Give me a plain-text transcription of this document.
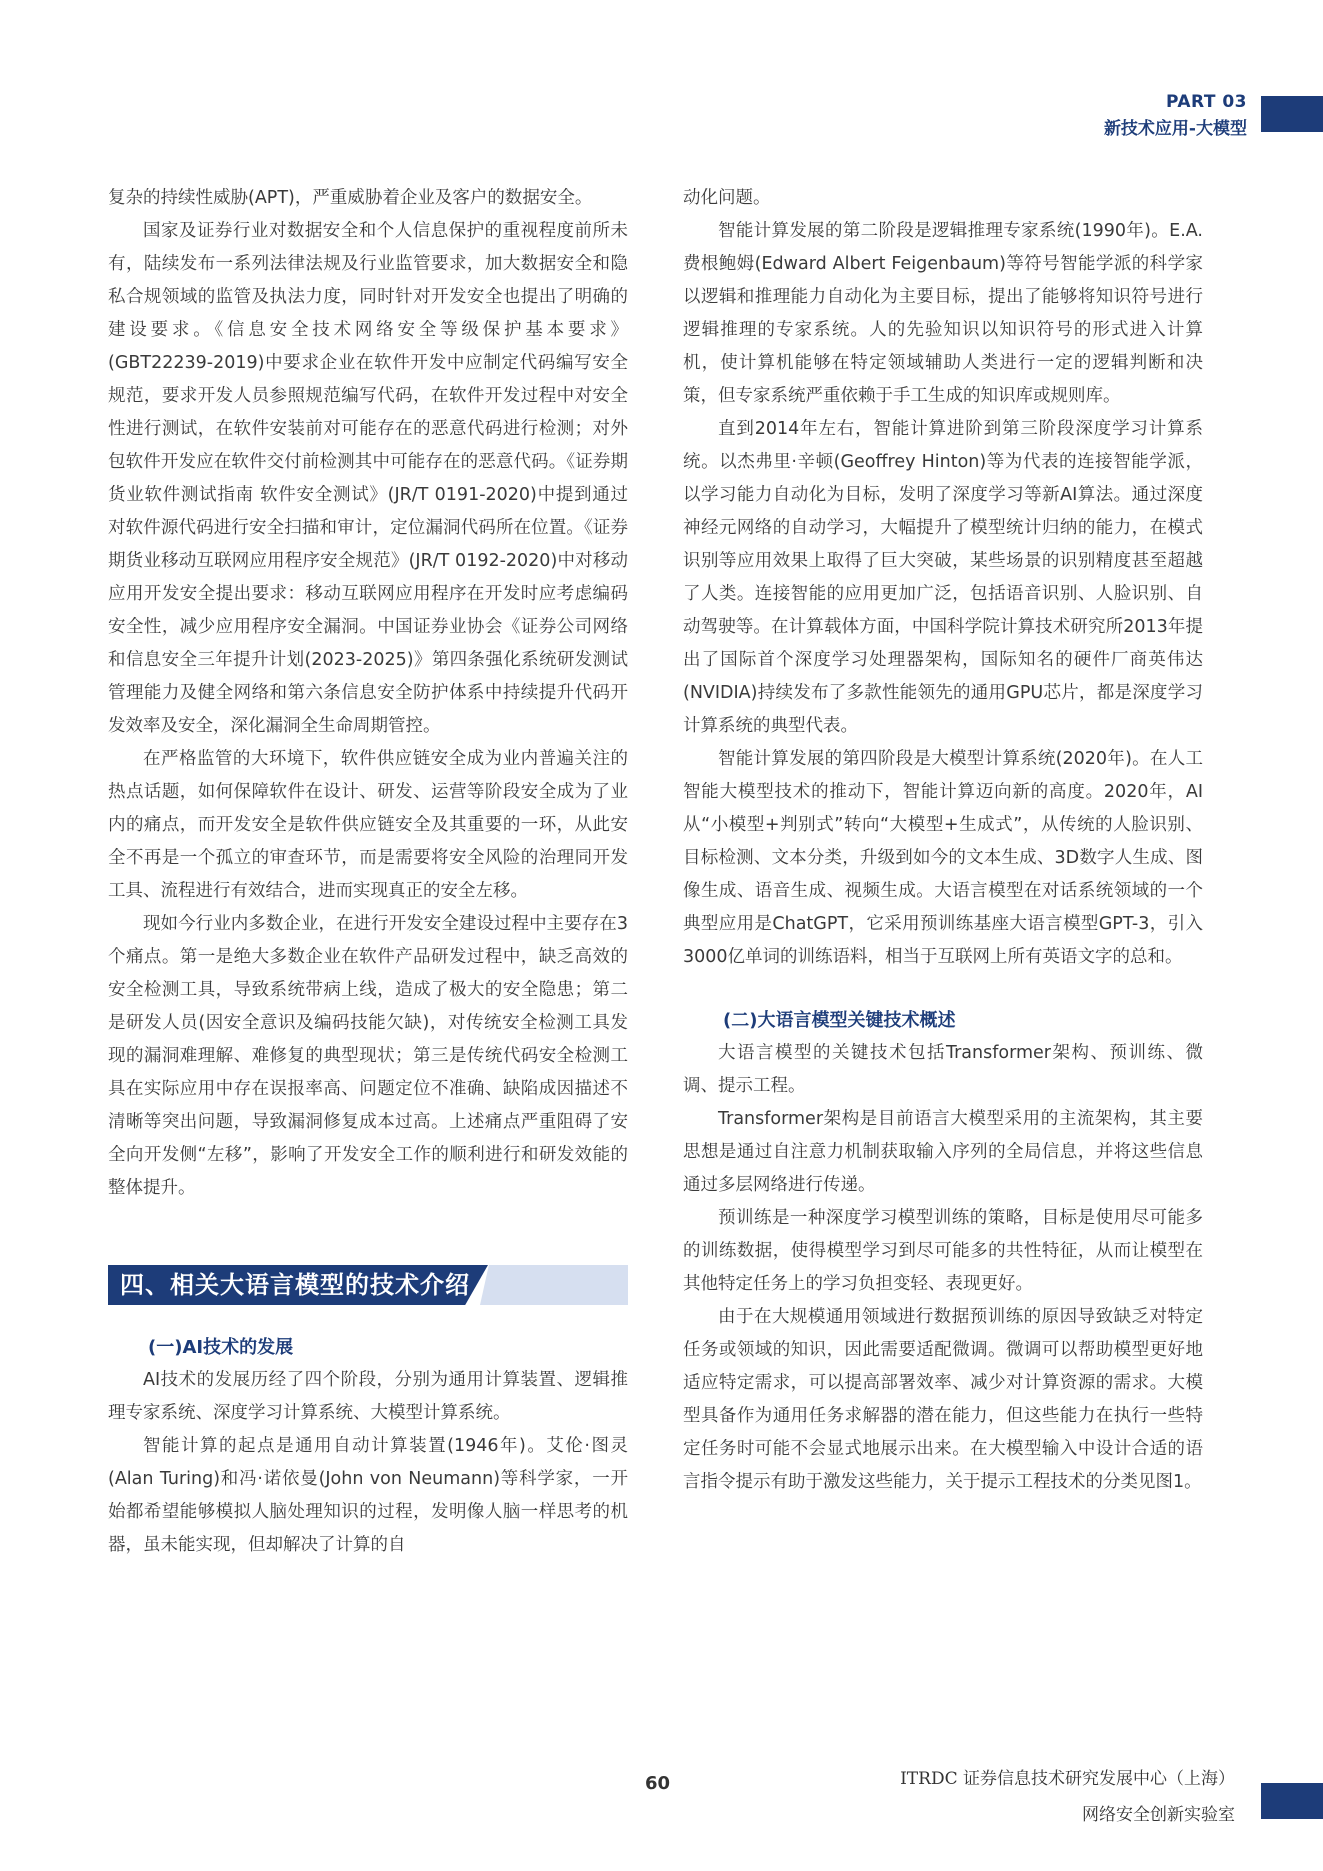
PART 03
新技术应用-大模型

复杂的持续性威胁(APT)，严重威胁着企业及客户的数据安全。

国家及证券行业对数据安全和个人信息保护的重视程度前所未有，陆续发布一系列法律法规及行业监管要求，加大数据安全和隐私合规领域的监管及执法力度，同时针对开发安全也提出了明确的建设要求。《信息安全技术网络安全等级保护基本要求》(GBT22239-2019)中要求企业在软件开发中应制定代码编写安全规范，要求开发人员参照规范编写代码，在软件开发过程中对安全性进行测试，在软件安装前对可能存在的恶意代码进行检测；对外包软件开发应在软件交付前检测其中可能存在的恶意代码。《证券期货业软件测试指南 软件安全测试》(JR/T 0191-2020)中提到通过对软件源代码进行安全扫描和审计，定位漏洞代码所在位置。《证券期货业移动互联网应用程序安全规范》(JR/T 0192-2020)中对移动应用开发安全提出要求：移动互联网应用程序在开发时应考虑编码安全性，减少应用程序安全漏洞。中国证券业协会《证券公司网络和信息安全三年提升计划(2023-2025)》第四条强化系统研发测试管理能力及健全网络和第六条信息安全防护体系中持续提升代码开发效率及安全，深化漏洞全生命周期管控。

在严格监管的大环境下，软件供应链安全成为业内普遍关注的热点话题，如何保障软件在设计、研发、运营等阶段安全成为了业内的痛点，而开发安全是软件供应链安全及其重要的一环，从此安全不再是一个孤立的审查环节，而是需要将安全风险的治理同开发工具、流程进行有效结合，进而实现真正的安全左移。

现如今行业内多数企业，在进行开发安全建设过程中主要存在3个痛点。第一是绝大多数企业在软件产品研发过程中，缺乏高效的安全检测工具，导致系统带病上线，造成了极大的安全隐患；第二是研发人员(因安全意识及编码技能欠缺)，对传统安全检测工具发现的漏洞难理解、难修复的典型现状；第三是传统代码安全检测工具在实际应用中存在误报率高、问题定位不准确、缺陷成因描述不清晰等突出问题，导致漏洞修复成本过高。上述痛点严重阻碍了安全向开发侧“左移”，影响了开发安全工作的顺利进行和研发效能的整体提升。

四、相关大语言模型的技术介绍
(一)AI技术的发展

AI技术的发展历经了四个阶段，分别为通用计算装置、逻辑推理专家系统、深度学习计算系统、大模型计算系统。

智能计算的起点是通用自动计算装置(1946年)。艾伦·图灵(Alan Turing)和冯·诺依曼(John von Neumann)等科学家，一开始都希望能够模拟人脑处理知识的过程，发明像人脑一样思考的机器，虽未能实现，但却解决了计算的自

动化问题。

智能计算发展的第二阶段是逻辑推理专家系统(1990年)。E.A.费根鲍姆(Edward Albert Feigenbaum)等符号智能学派的科学家以逻辑和推理能力自动化为主要目标，提出了能够将知识符号进行逻辑推理的专家系统。人的先验知识以知识符号的形式进入计算机，使计算机能够在特定领域辅助人类进行一定的逻辑判断和决策，但专家系统严重依赖于手工生成的知识库或规则库。

直到2014年左右，智能计算进阶到第三阶段深度学习计算系统。以杰弗里·辛顿(Geoffrey Hinton)等为代表的连接智能学派，以学习能力自动化为目标，发明了深度学习等新AI算法。通过深度神经元网络的自动学习，大幅提升了模型统计归纳的能力，在模式识别等应用效果上取得了巨大突破，某些场景的识别精度甚至超越了人类。连接智能的应用更加广泛，包括语音识别、人脸识别、自动驾驶等。在计算载体方面，中国科学院计算技术研究所2013年提出了国际首个深度学习处理器架构，国际知名的硬件厂商英伟达(NVIDIA)持续发布了多款性能领先的通用GPU芯片，都是深度学习计算系统的典型代表。

智能计算发展的第四阶段是大模型计算系统(2020年)。在人工智能大模型技术的推动下，智能计算迈向新的高度。2020年，AI从“小模型+判别式”转向“大模型+生成式”，从传统的人脸识别、目标检测、文本分类，升级到如今的文本生成、3D数字人生成、图像生成、语音生成、视频生成。大语言模型在对话系统领域的一个典型应用是ChatGPT，它采用预训练基座大语言模型GPT-3，引入3000亿单词的训练语料，相当于互联网上所有英语文字的总和。

(二)大语言模型关键技术概述

大语言模型的关键技术包括Transformer架构、预训练、微调、提示工程。

Transformer架构是目前语言大模型采用的主流架构，其主要思想是通过自注意力机制获取输入序列的全局信息，并将这些信息通过多层网络进行传递。

预训练是一种深度学习模型训练的策略，目标是使用尽可能多的训练数据，使得模型学习到尽可能多的共性特征，从而让模型在其他特定任务上的学习负担变轻、表现更好。

由于在大规模通用领域进行数据预训练的原因导致缺乏对特定任务或领域的知识，因此需要适配微调。微调可以帮助模型更好地适应特定需求，可以提高部署效率、减少对计算资源的需求。大模型具备作为通用任务求解器的潜在能力，但这些能力在执行一些特定任务时可能不会显式地展示出来。在大模型输入中设计合适的语言指令提示有助于激发这些能力，关于提示工程技术的分类见图1。

60	ITRDC 证券信息技术研究发展中心（上海）
网络安全创新实验室
